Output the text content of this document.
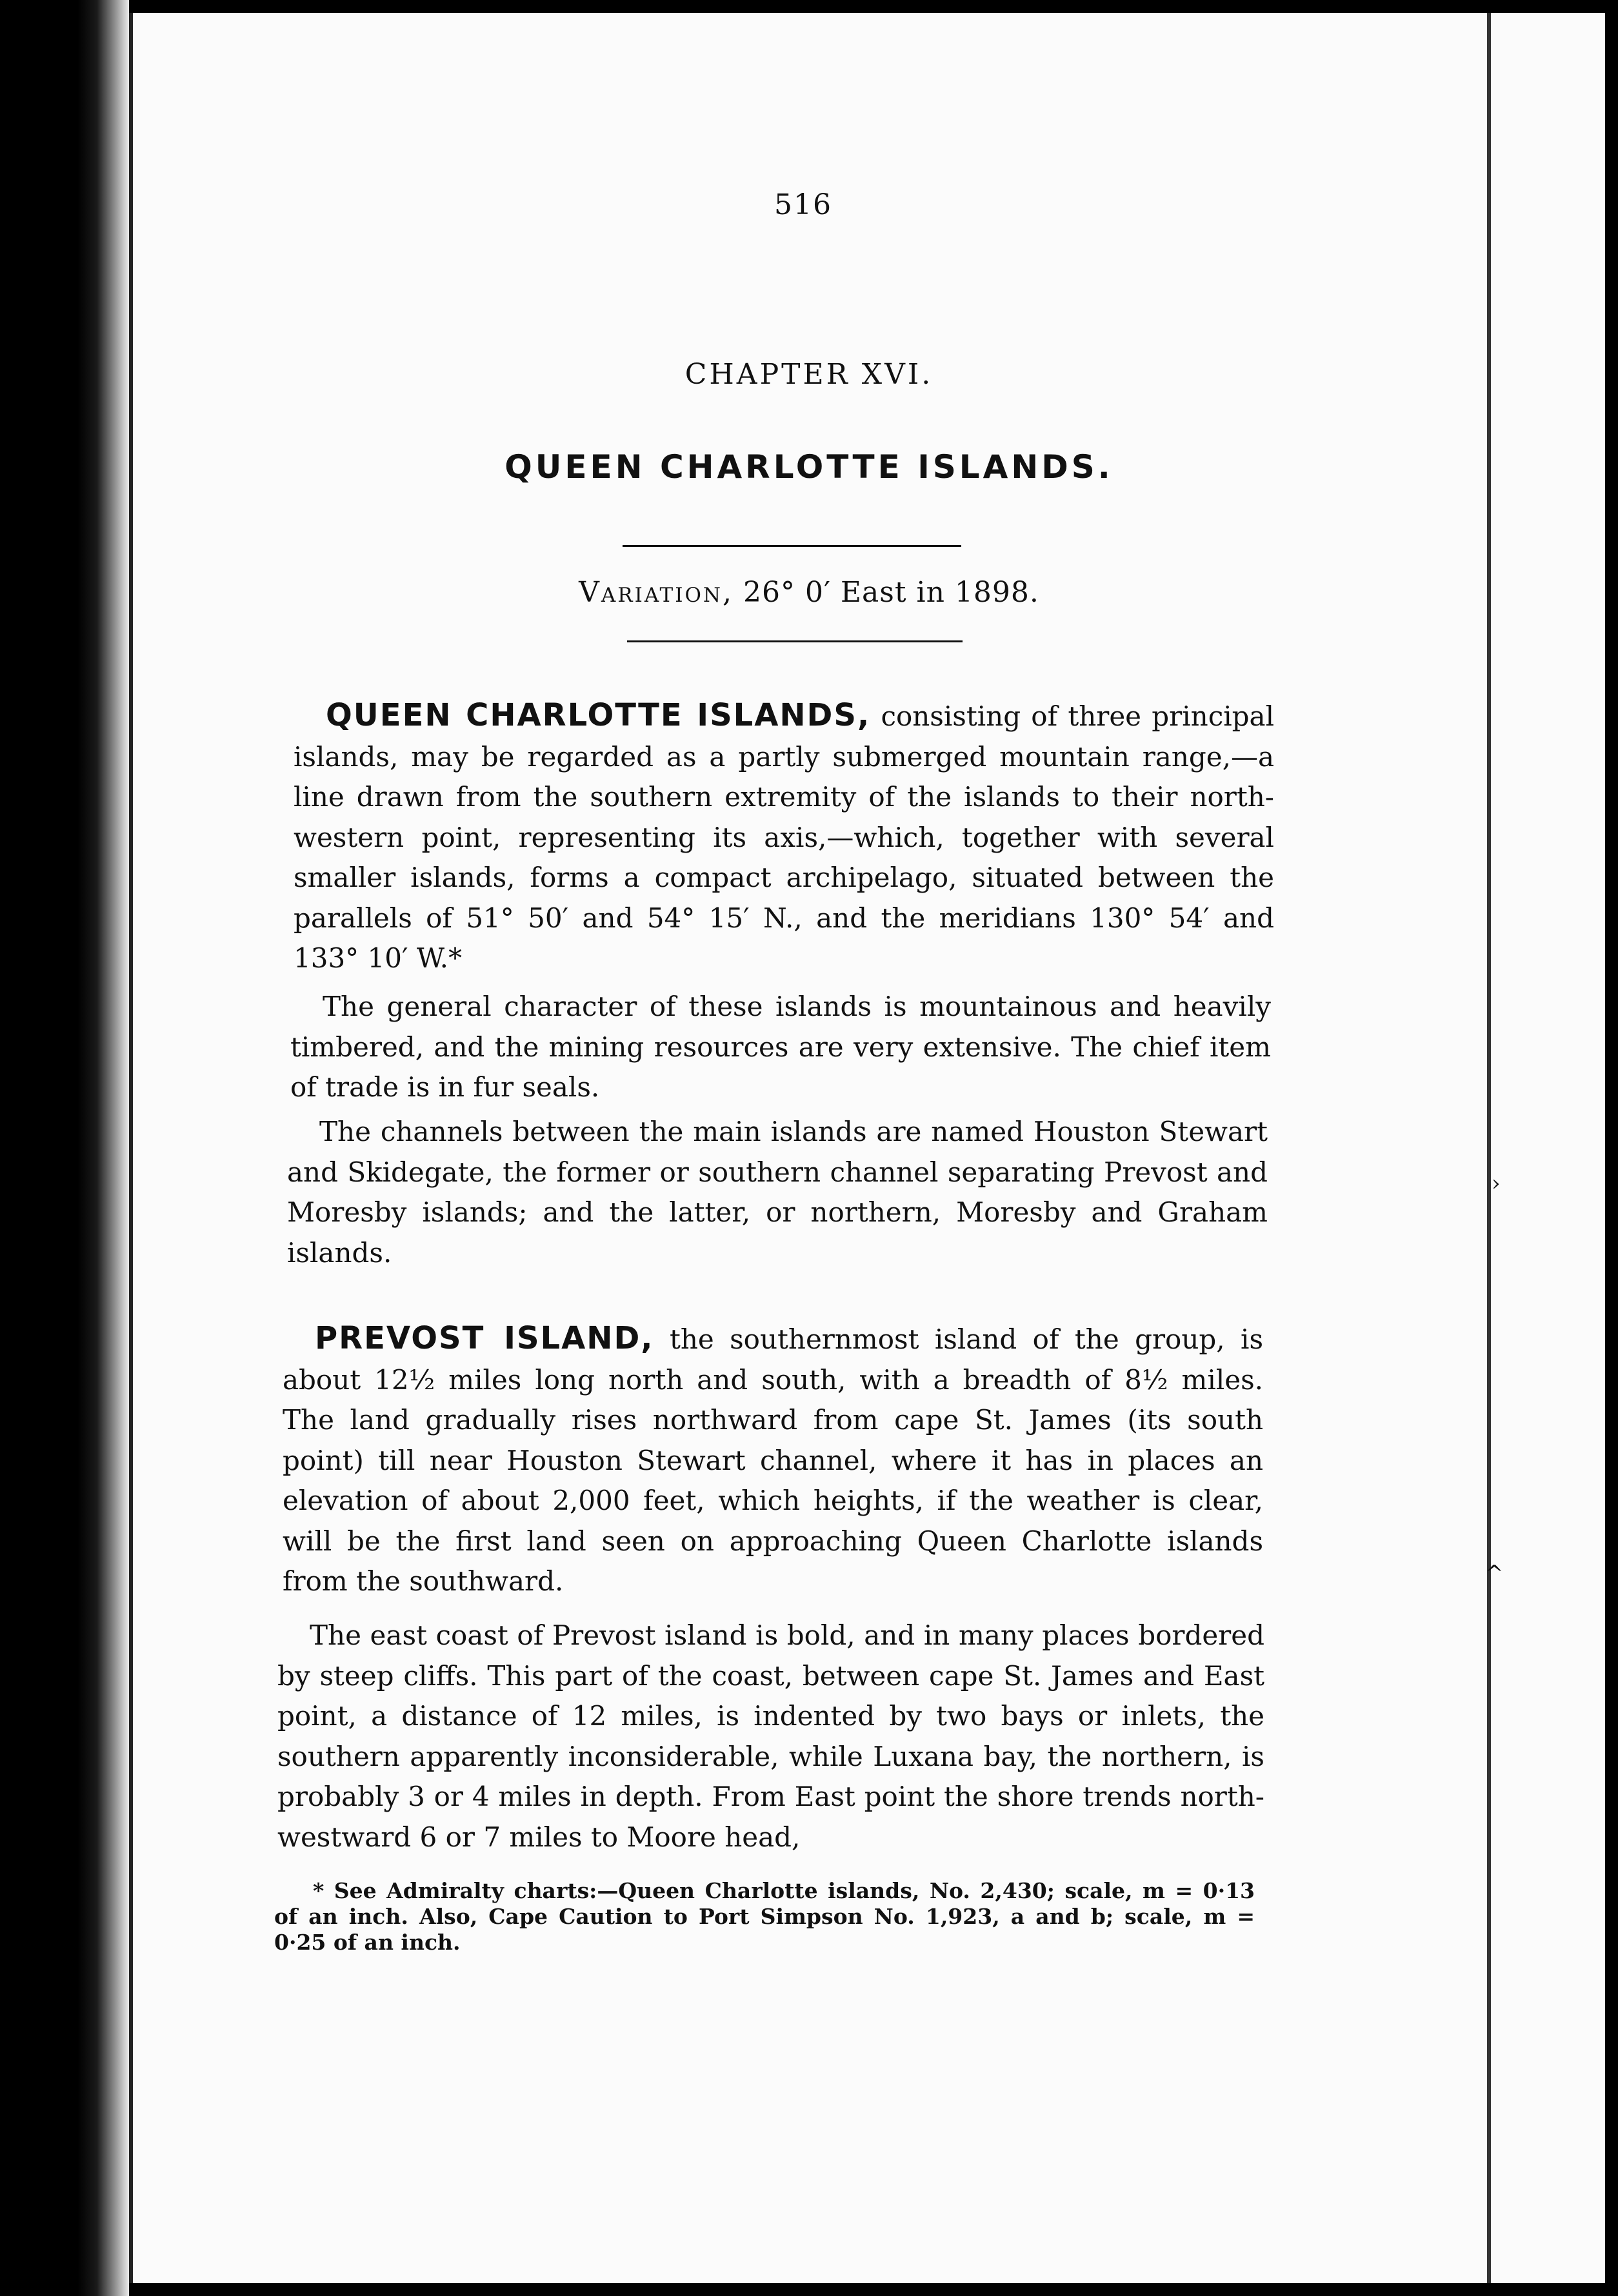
516
CHAPTER XVI.
QUEEN CHARLOTTE ISLANDS.
Variation, 26° 0′ East in 1898.

QUEEN CHARLOTTE ISLANDS, consisting of three principal islands, may be regarded as a partly submerged mountain range,—a line drawn from the southern extremity of the islands to their north-western point, representing its axis,—which, together with several smaller islands, forms a compact archipelago, situated between the parallels of 51° 50′ and 54° 15′ N., and the meridians 130° 54′ and 133° 10′ W.*

The general character of these islands is mountainous and heavily timbered, and the mining resources are very extensive. The chief item of trade is in fur seals.

The channels between the main islands are named Houston Stewart and Skidegate, the former or southern channel separating Prevost and Moresby islands; and the latter, or northern, Moresby and Graham islands.

PREVOST ISLAND, the southernmost island of the group, is about 12½ miles long north and south, with a breadth of 8½ miles. The land gradually rises northward from cape St. James (its south point) till near Houston Stewart channel, where it has in places an elevation of about 2,000 feet, which heights, if the weather is clear, will be the first land seen on approaching Queen Charlotte islands from the southward.

The east coast of Prevost island is bold, and in many places bordered by steep cliffs. This part of the coast, between cape St. James and East point, a distance of 12 miles, is indented by two bays or inlets, the southern apparently inconsiderable, while Luxana bay, the northern, is probably 3 or 4 miles in depth. From East point the shore trends north-westward 6 or 7 miles to Moore head,

* See Admiralty charts:—Queen Charlotte islands, No. 2,430; scale, m = 0·13 of an inch. Also, Cape Caution to Port Simpson No. 1,923, a and b; scale, m = 0·25 of an inch.
›
^
